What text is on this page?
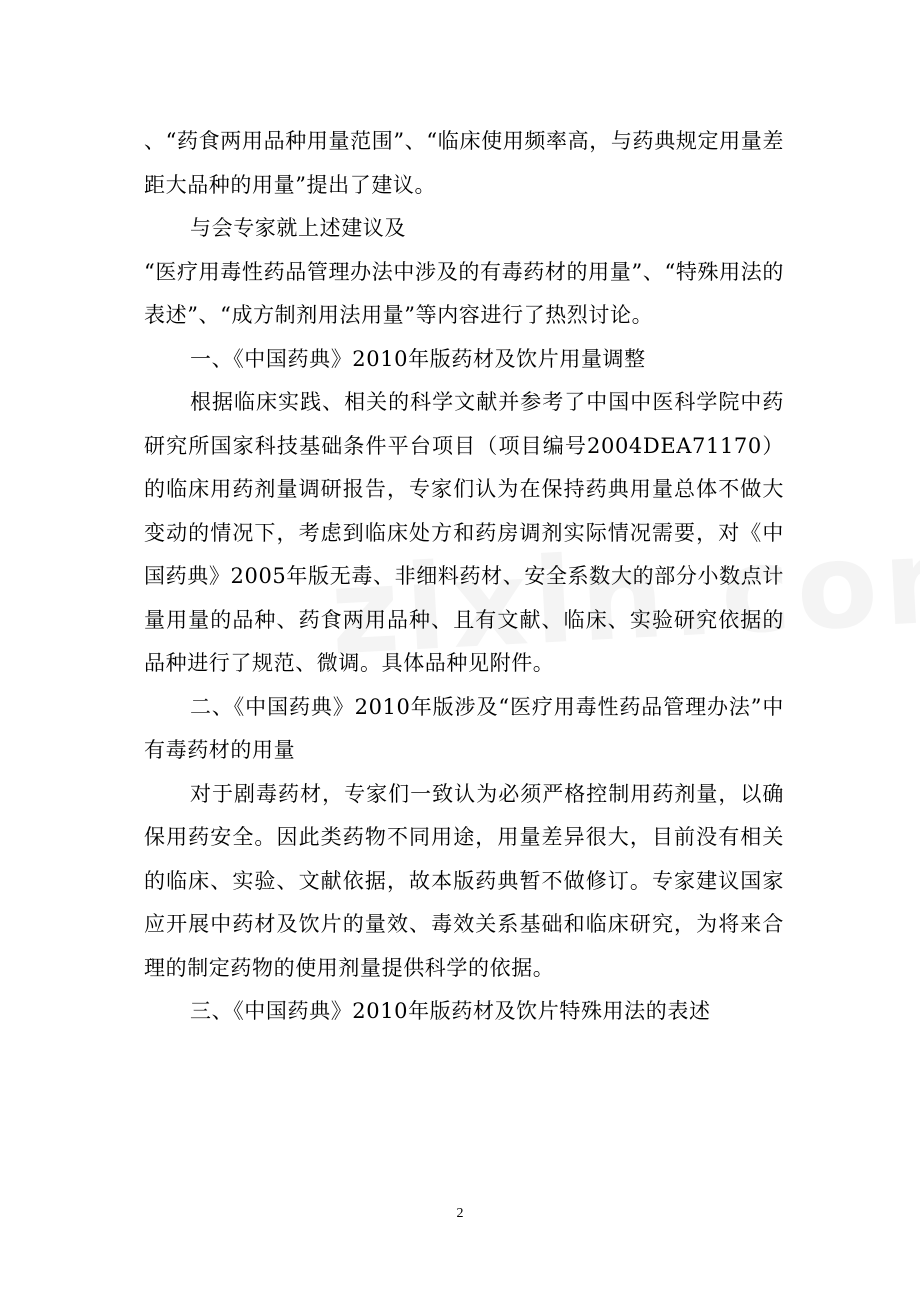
、“药食两用品种用量范围”、“临床使用频率高，与药典规定用量差距大品种的用量”提出了建议。

与会专家就上述建议及

“医疗用毒性药品管理办法中涉及的有毒药材的用量”、“特殊用法的表述”、“成方制剂用法用量”等内容进行了热烈讨论。

一、《中国药典》2010年版药材及饮片用量调整

根据临床实践、相关的科学文献并参考了中国中医科学院中药研究所国家科技基础条件平台项目（项目编号2004DEA71170）的临床用药剂量调研报告，专家们认为在保持药典用量总体不做大变动的情况下，考虑到临床处方和药房调剂实际情况需要，对《中国药典》2005年版无毒、非细料药材、安全系数大的部分小数点计量用量的品种、药食两用品种、且有文献、临床、实验研究依据的品种进行了规范、微调。具体品种见附件。

二、《中国药典》2010年版涉及“医疗用毒性药品管理办法”中有毒药材的用量

对于剧毒药材，专家们一致认为必须严格控制用药剂量，以确保用药安全。因此类药物不同用途，用量差异很大，目前没有相关的临床、实验、文献依据，故本版药典暂不做修订。专家建议国家应开展中药材及饮片的量效、毒效关系基础和临床研究，为将来合理的制定药物的使用剂量提供科学的依据。

三、《中国药典》2010年版药材及饮片特殊用法的表述

2
